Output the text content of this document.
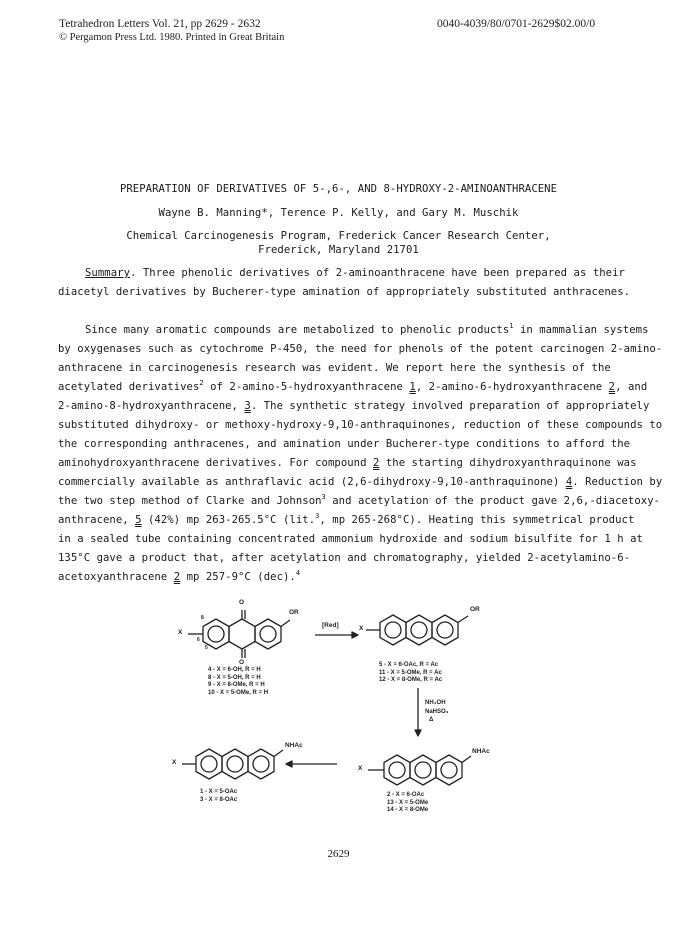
Tetrahedron Letters Vol. 21, pp 2629 - 2632
© Pergamon Press Ltd. 1980. Printed in Great Britain
0040-4039/80/0701-2629$02.00/0
PREPARATION OF DERIVATIVES OF 5-,6-, AND 8-HYDROXY-2-AMINOANTHRACENE
Wayne B. Manning*, Terence P. Kelly, and Gary M. Muschik
Chemical Carcinogenesis Program, Frederick Cancer Research Center,
Frederick, Maryland 21701
Summary. Three phenolic derivatives of 2-aminoanthracene have been prepared as their
diacetyl derivatives by Bucherer-type amination of appropriately substituted anthracenes.
Since many aromatic compounds are metabolized to phenolic products$^1$ in mammalian systems
by oxygenases such as cytochrome P-450, the need for phenols of the potent carcinogen 2-amino-
anthracene in carcinogenesis research was evident. We report here the synthesis of the
acetylated derivatives$^2$ of 2-amino-5-hydroxyanthracene 1, 2-amino-6-hydroxyanthracene 2, and
2-amino-8-hydroxyanthracene, 3. The synthetic strategy involved preparation of appropriately
substituted dihydroxy- or methoxy-hydroxy-9,10-anthraquinones, reduction of these compounds to
the corresponding anthracenes, and amination under Bucherer-type conditions to afford the
aminohydroxyanthracene derivatives. For compound 2 the starting dihydroxyanthraquinone was
commercially available as anthraflavic acid (2,6-dihydroxy-9,10-anthraquinone) 4. Reduction by
the two step method of Clarke and Johnson$^3$ and acetylation of the product gave 2,6,-diacetoxy-
anthracene, 5 (42%) mp 263-265.5°C (lit.$^3$, mp 265-268°C). Heating this symmetrical product
in a sealed tube containing concentrated ammonium hydroxide and sodium bisulfite for 1 h at
135°C gave a product that, after acetylation and chromatography, yielded 2-acetylamino-6-
acetoxyanthracene 2 mp 257-9°C (dec).$^4$
O
O
OR
X
8
6
5
4 - X = 6-OH, R = H
8 - X = 5-OH, R = H
9 - X = 8-OMe, R = H
10 - X = 5-OMe, R = H
[Red]
OR
X
5 - X = 6-OAc, R = Ac
11 - X = 5-OMe, R = Ac
12 - X = 8-OMe, R = Ac
NH₄OH
NaHSO₃
Δ
NHAc
X
2 - X = 6-OAc
13 - X = 5-OMe
14 - X = 8-OMe
NHAc
X
1 - X = 5-OAc
3 - X = 8-OAc
2629
